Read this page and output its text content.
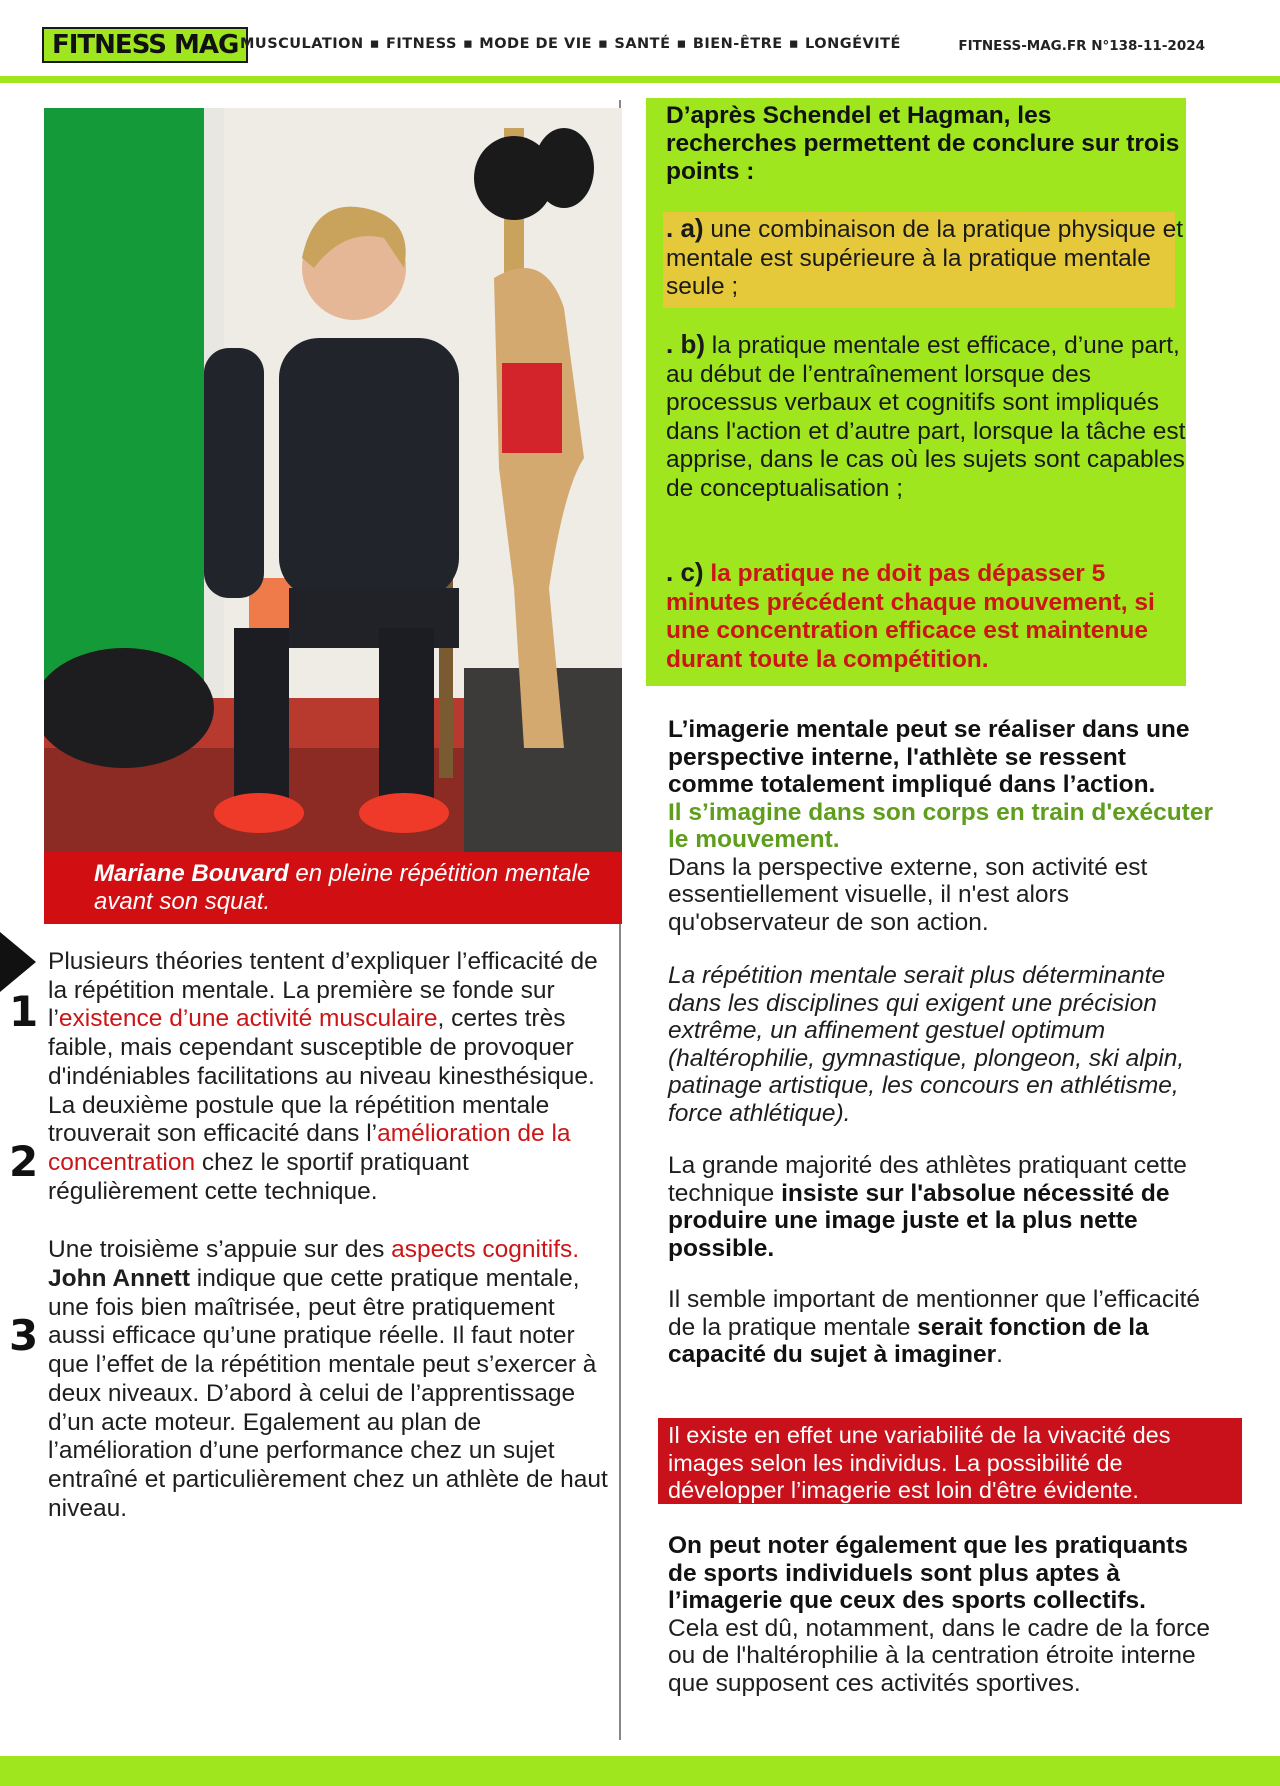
FITNESS MAG MUSCULATION ▪ FITNESS ▪ MODE DE VIE ▪ SANTÉ ▪ BIEN-ÊTRE ▪ LONGÉVITÉ	FITNESS-MAG.FR N°138-11-2024
Mariane Bouvard en pleine répétition mentale avant son squat.
1
2
3

Plusieurs théories tentent d’expliquer l’efficacité de la répétition mentale. La première se fonde sur l’existence d’une activité musculaire, certes très faible, mais cependant susceptible de provoquer d'indéniables facilitations au niveau kinesthésique.

La deuxième postule que la répétition mentale trouverait son efficacité dans l’amélioration de la concentration chez le sportif pratiquant régulièrement cette technique.

Une troisième s’appuie sur des aspects cognitifs.
John Annett indique que cette pratique mentale, une fois bien maîtrisée, peut être pratiquement aussi efficace qu’une pratique réelle. Il faut noter que l’effet de la répétition mentale peut s’exercer à deux niveaux. D’abord à celui de l’apprentissage d’un acte moteur. Egalement au plan de l’amélioration d’une performance chez un sujet entraîné et particulièrement chez un athlète de haut niveau.

D’après Schendel et Hagman, les recherches permettent de conclure sur trois points :
. a) une combinaison de la pratique physique et mentale est supérieure à la pratique mentale seule ;
. b) la pratique mentale est efficace, d’une part, au début de l’entraînement lorsque des processus verbaux et cognitifs sont impliqués dans l'action et d’autre part, lorsque la tâche est apprise, dans le cas où les sujets sont capables de conceptualisation ;
. c) la pratique ne doit pas dépasser 5 minutes précédent chaque mouvement, si une concentration efficace est maintenue durant toute la compétition.
L’imagerie mentale peut se réaliser dans une perspective interne, l'athlète se ressent comme totalement impliqué dans l’action.
Il s’imagine dans son corps en train d'exécuter le mouvement.
Dans la perspective externe, son activité est essentiellement visuelle, il n'est alors qu'observateur de son action.
La répétition mentale serait plus déterminante dans les disciplines qui exigent une précision extrême, un affinement gestuel optimum (haltérophilie, gymnastique, plongeon, ski alpin, patinage artistique, les concours en athlétisme, force athlétique).
La grande majorité des athlètes pratiquant cette technique insiste sur l'absolue nécessité de produire une image juste et la plus nette possible.
Il semble important de mentionner que l’efficacité de la pratique mentale serait fonction de la capacité du sujet à imaginer.
Il existe en effet une variabilité de la vivacité des images selon les individus. La possibilité de développer l’imagerie est loin d'être évidente.
On peut noter également que les pratiquants de sports individuels sont plus aptes à l’imagerie que ceux des sports collectifs.
Cela est dû, notamment, dans le cadre de la force ou de l'haltérophilie à la centration étroite interne que supposent ces activités sportives.
